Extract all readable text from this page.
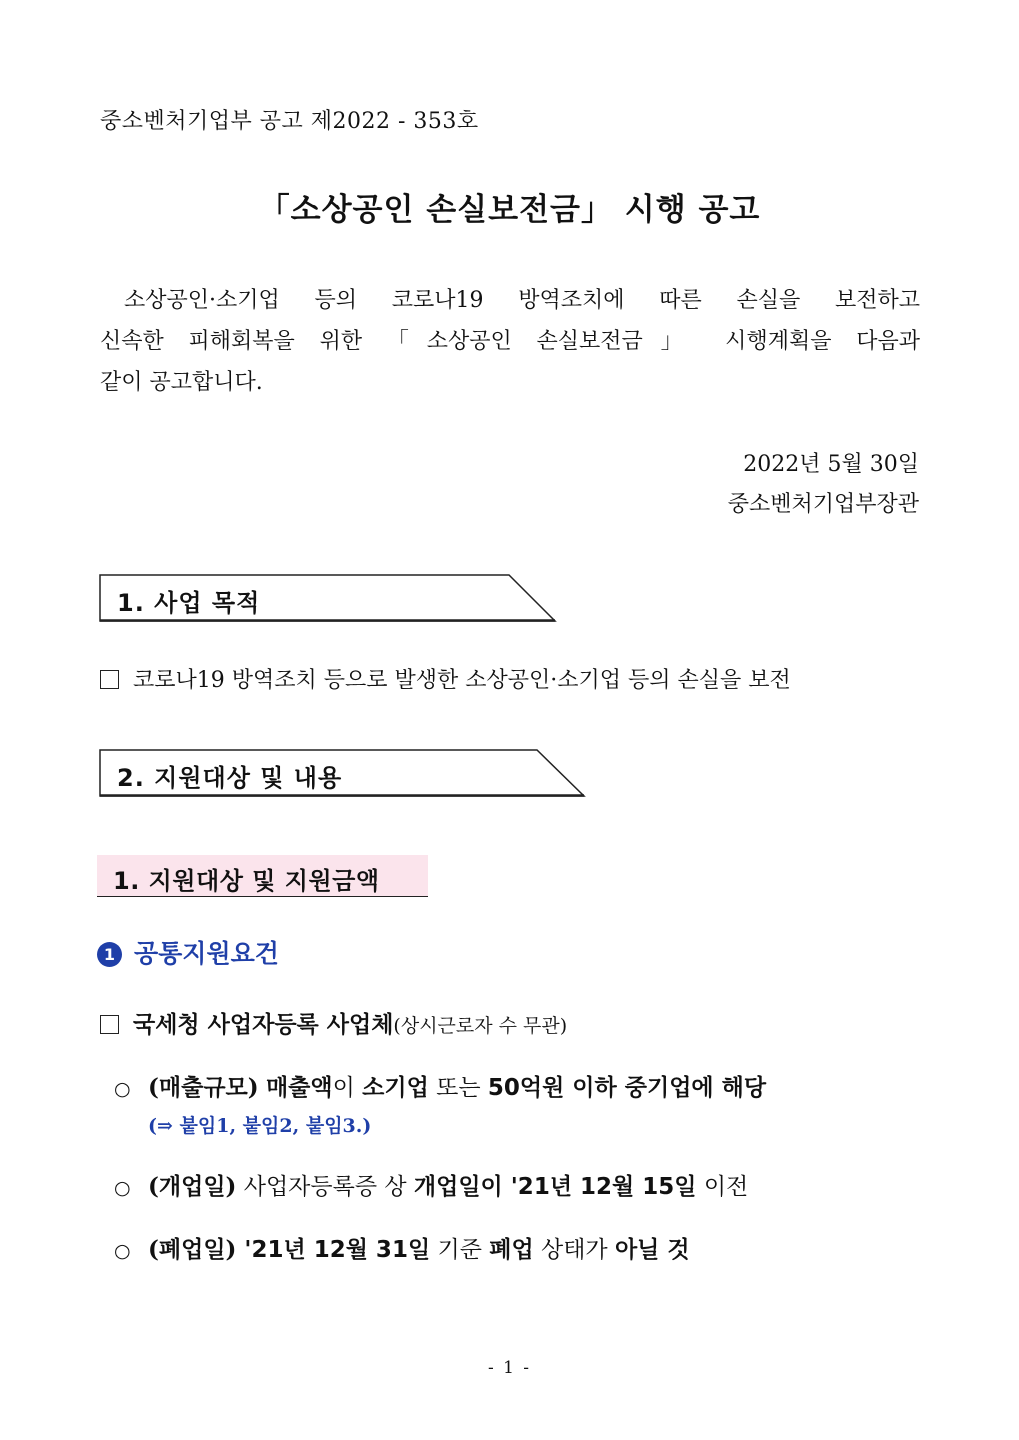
중소벤처기업부 공고 제2022 - 353호
「소상공인 손실보전금」 시행 공고
소상공인·소기업 등의 코로나19 방역조치에 따른 손실을 보전하고
신속한 피해회복을 위한 「소상공인 손실보전금」 시행계획을 다음과
같이 공고합니다.
2022년 5월 30일
중소벤처기업부장관
1. 사업 목적
코로나19 방역조치 등으로 발생한 소상공인·소기업 등의 손실을 보전
2. 지원대상 및 내용
1. 지원대상 및 지원금액
1 공통지원요건
국세청 사업자등록 사업체(상시근로자 수 무관)
○ (매출규모) 매출액이 소기업 또는 50억원 이하 중기업에 해당
(⇒ 붙임1, 붙임2, 붙임3.)
○ (개업일) 사업자등록증 상 개업일이 '21년 12월 15일 이전
○ (폐업일) '21년 12월 31일 기준 폐업 상태가 아닐 것
- 1 -
